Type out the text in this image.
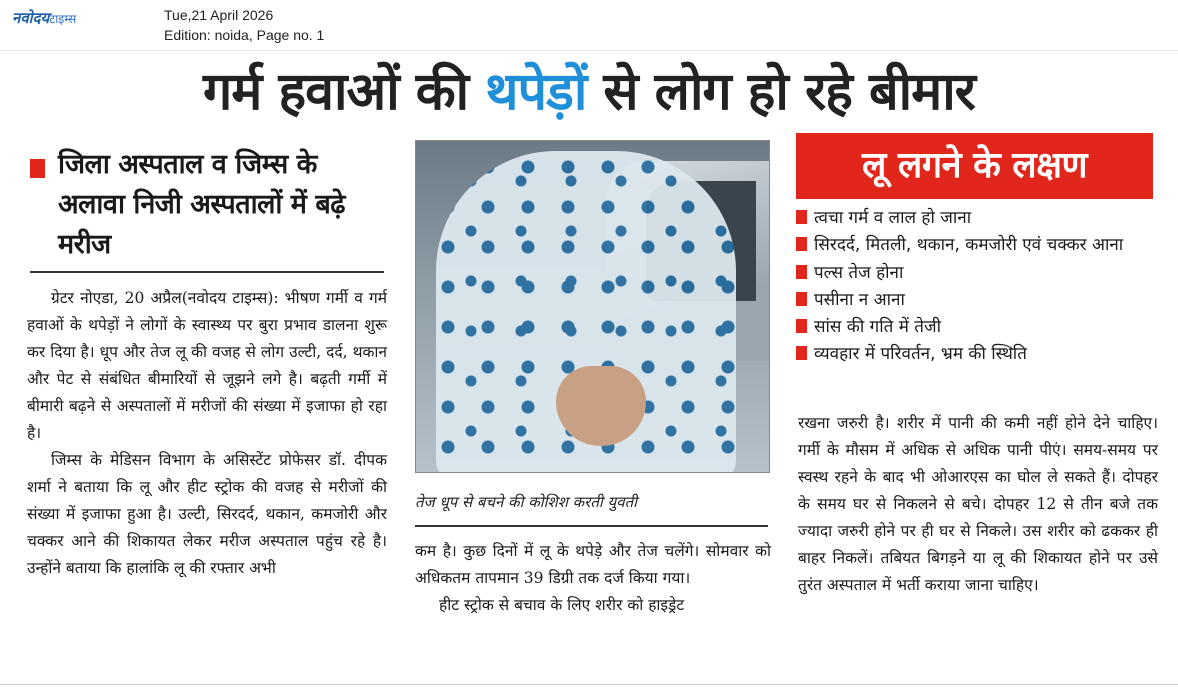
नवोदयटाइम्स	Tue,21 April 2026
Edition: noida, Page no. 1
गर्म हवाओं की थपेड़ों से लोग हो रहे बीमार
जिला अस्पताल व जिम्स के अलावा निजी अस्पतालों में बढ़े मरीज

ग्रेटर नोएडा, 20 अप्रैल(नवोदय टाइम्स): भीषण गर्मी व गर्म हवाओं के थपेड़ों ने लोगों के स्वास्थ्य पर बुरा प्रभाव डालना शुरू कर दिया है। धूप और तेज लू की वजह से लोग उल्टी, दर्द, थकान और पेट से संबंधित बीमारियों से जूझने लगे है। बढ़ती गर्मी में बीमारी बढ़ने से अस्पतालों में मरीजों की संख्या में इजाफा हो रहा है।

जिम्स के मेडिसन विभाग के असिस्टेंट प्रोफेसर डॉ. दीपक शर्मा ने बताया कि लू और हीट स्ट्रोक की वजह से मरीजों की संख्या में इजाफा हुआ है। उल्टी, सिरदर्द, थकान, कमजोरी और चक्कर आने की शिकायत लेकर मरीज अस्पताल पहुंच रहे है। उन्होंने बताया कि हालांकि लू की रफ्तार अभी

तेज धूप से बचने की कोशिश करती युवती

कम है। कुछ दिनों में लू के थपेड़े और तेज चलेंगे। सोमवार को अधिकतम तापमान 39 डिग्री तक दर्ज किया गया।

हीट स्ट्रोक से बचाव के लिए शरीर को हाइड्रेट

लू लगने के लक्षण
त्वचा गर्म व लाल हो जाना
सिरदर्द, मितली, थकान, कमजोरी एवं चक्कर आना
पल्स तेज होना
पसीना न आना
सांस की गति में तेजी
व्यवहार में परिवर्तन, भ्रम की स्थिति

रखना जरुरी है। शरीर में पानी की कमी नहीं होने देने चाहिए। गर्मी के मौसम में अधिक से अधिक पानी पीएं। समय-समय पर स्वस्थ रहने के बाद भी ओआरएस का घोल ले सकते हैं। दोपहर के समय घर से निकलने से बचे। दोपहर 12 से तीन बजे तक ज्यादा जरुरी होने पर ही घर से निकले। उस शरीर को ढककर ही बाहर निकलें। तबियत बिगड़ने या लू की शिकायत होने पर उसे तुरंत अस्पताल में भर्ती कराया जाना चाहिए।
